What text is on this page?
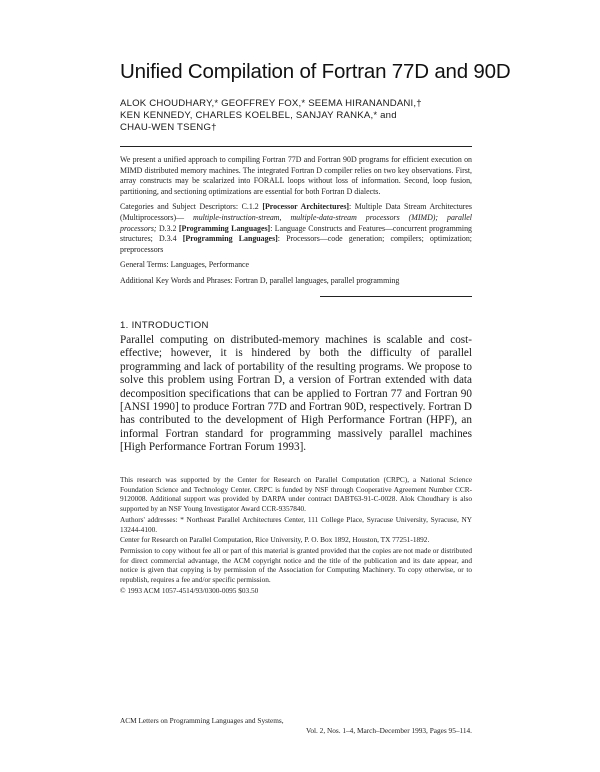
Unified Compilation of Fortran 77D and 90D
ALOK CHOUDHARY,* GEOFFREY FOX,* SEEMA HIRANANDANI,†
KEN KENNEDY, CHARLES KOELBEL, SANJAY RANKA,* and
CHAU-WEN TSENG†

We present a unified approach to compiling Fortran 77D and Fortran 90D programs for efficient execution on MIMD distributed memory machines. The integrated Fortran D compiler relies on two key observations. First, array constructs may be scalarized into FORALL loops without loss of information. Second, loop fusion, partitioning, and sectioning optimizations are essential for both Fortran D dialects.

Categories and Subject Descriptors: C.1.2 [Processor Architectures]: Multiple Data Stream Architectures (Multiprocessors)— multiple-instruction-stream, multiple-data-stream processors (MIMD); parallel processors; D.3.2 [Programming Languages]: Language Constructs and Features—concurrent programming structures; D.3.4 [Programming Languages]: Processors—code generation; compilers; optimization; preprocessors

General Terms: Languages, Performance

Additional Key Words and Phrases: Fortran D, parallel languages, parallel programming

1. INTRODUCTION
Parallel computing on distributed-memory machines is scalable and cost-effective; however, it is hindered by both the difficulty of parallel programming and lack of portability of the resulting programs. We propose to solve this problem using Fortran D, a version of Fortran extended with data decomposition specifications that can be applied to Fortran 77 and Fortran 90 [ANSI 1990] to produce Fortran 77D and Fortran 90D, respectively. Fortran D has contributed to the development of High Performance Fortran (HPF), an informal Fortran standard for programming massively parallel machines [High Performance Fortran Forum 1993].

This research was supported by the Center for Research on Parallel Computation (CRPC), a National Science Foundation Science and Technology Center. CRPC is funded by NSF through Cooperative Agreement Number CCR-9120008. Additional support was provided by DARPA under contract DABT63-91-C-0028. Alok Choudhary is also supported by an NSF Young Investigator Award CCR-9357840.

Authors' addresses: * Northeast Parallel Architectures Center, 111 College Place, Syracuse University, Syracuse, NY 13244-4100.

Center for Research on Parallel Computation, Rice University, P. O. Box 1892, Houston, TX 77251-1892.

Permission to copy without fee all or part of this material is granted provided that the copies are not made or distributed for direct commercial advantage, the ACM copyright notice and the title of the publication and its date appear, and notice is given that copying is by permission of the Association for Computing Machinery. To copy otherwise, or to republish, requires a fee and/or specific permission.

© 1993 ACM 1057-4514/93/0300-0095 $03.50

ACM Letters on Programming Languages and Systems,
Vol. 2, Nos. 1–4, March–December 1993, Pages 95–114.
